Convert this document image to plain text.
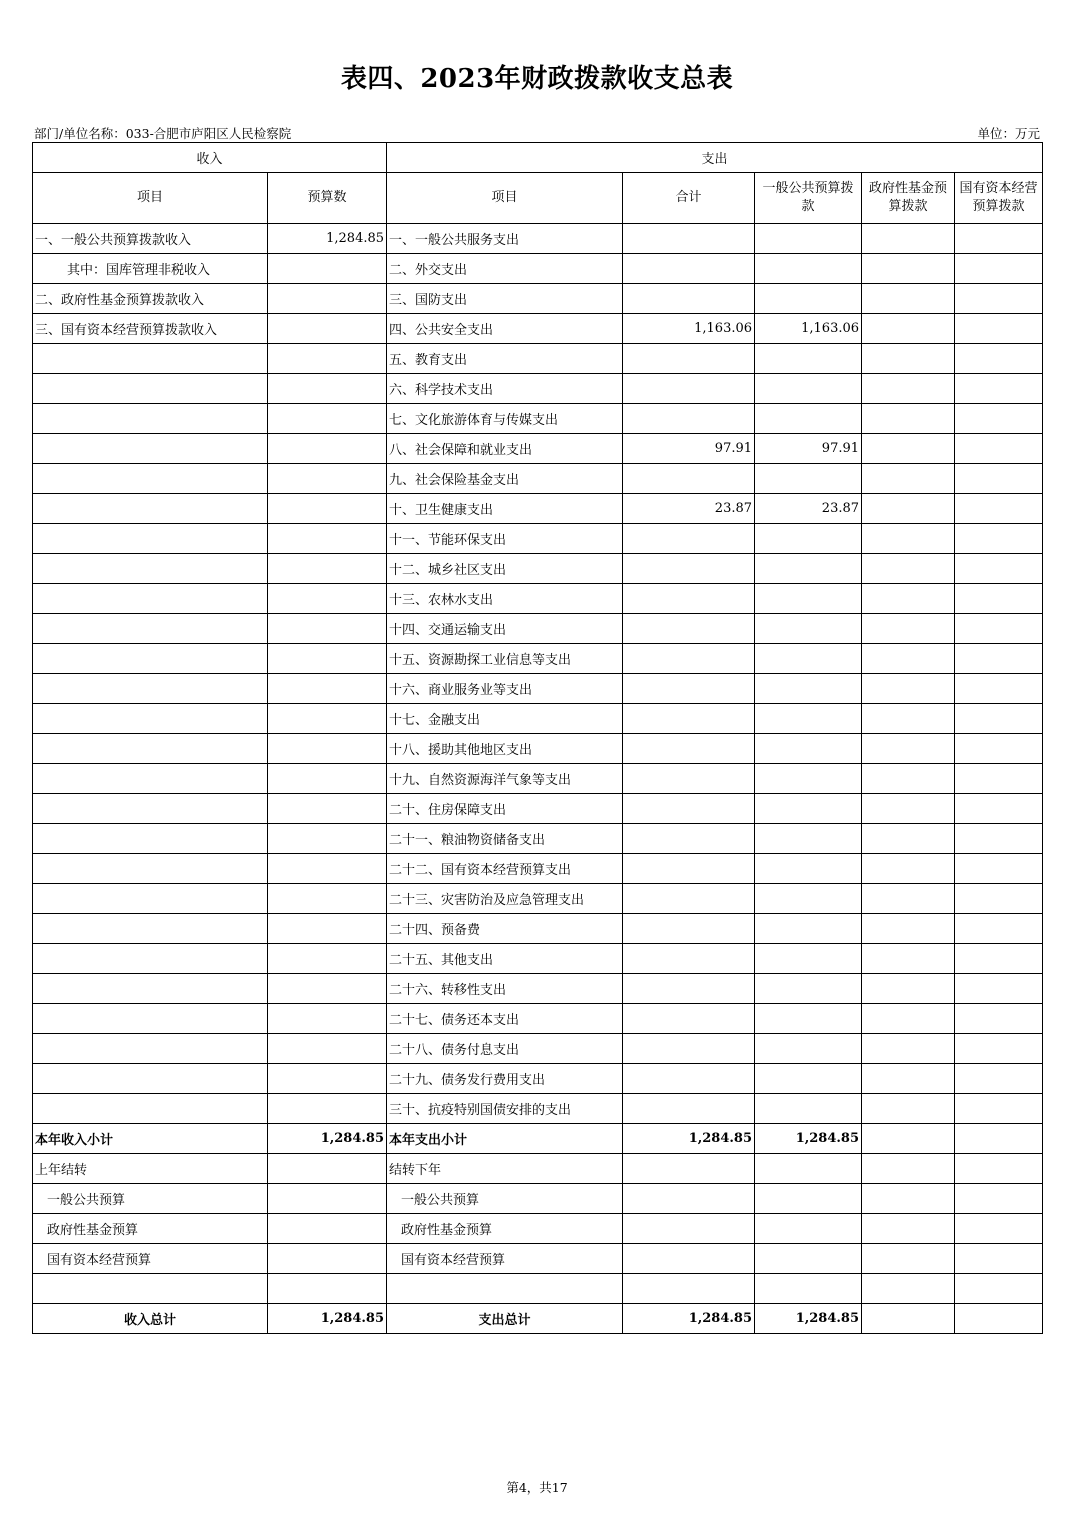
表四、2023年财政拨款收支总表
部门/单位名称：033-合肥市庐阳区人民检察院	单位：万元
收入		支出				
项目	预算数	项目	合计	一般公共预算拨款	政府性基金预算拨款	国有资本经营预算拨款
一、一般公共预算拨款收入	1,284.85	一、一般公共服务支出				
其中：国库管理非税收入		二、外交支出				
二、政府性基金预算拨款收入		三、国防支出				
三、国有资本经营预算拨款收入		四、公共安全支出	1,163.06	1,163.06		
		五、教育支出				
		六、科学技术支出				
		七、文化旅游体育与传媒支出				
		八、社会保障和就业支出	97.91	97.91		
		九、社会保险基金支出				
		十、卫生健康支出	23.87	23.87		
		十一、节能环保支出				
		十二、城乡社区支出				
		十三、农林水支出				
		十四、交通运输支出				
		十五、资源勘探工业信息等支出				
		十六、商业服务业等支出				
		十七、金融支出				
		十八、援助其他地区支出				
		十九、自然资源海洋气象等支出				
		二十、住房保障支出				
		二十一、粮油物资储备支出				
		二十二、国有资本经营预算支出				
		二十三、灾害防治及应急管理支出				
		二十四、预备费				
		二十五、其他支出				
		二十六、转移性支出				
		二十七、债务还本支出				
		二十八、债务付息支出				
		二十九、债务发行费用支出				
		三十、抗疫特别国债安排的支出				
本年收入小计	1,284.85	本年支出小计	1,284.85	1,284.85		
上年结转		结转下年				
一般公共预算		一般公共预算				
政府性基金预算		政府性基金预算				
国有资本经营预算		国有资本经营预算				

收入总计	1,284.85	支出总计	1,284.85	1,284.85		
第4，共17
